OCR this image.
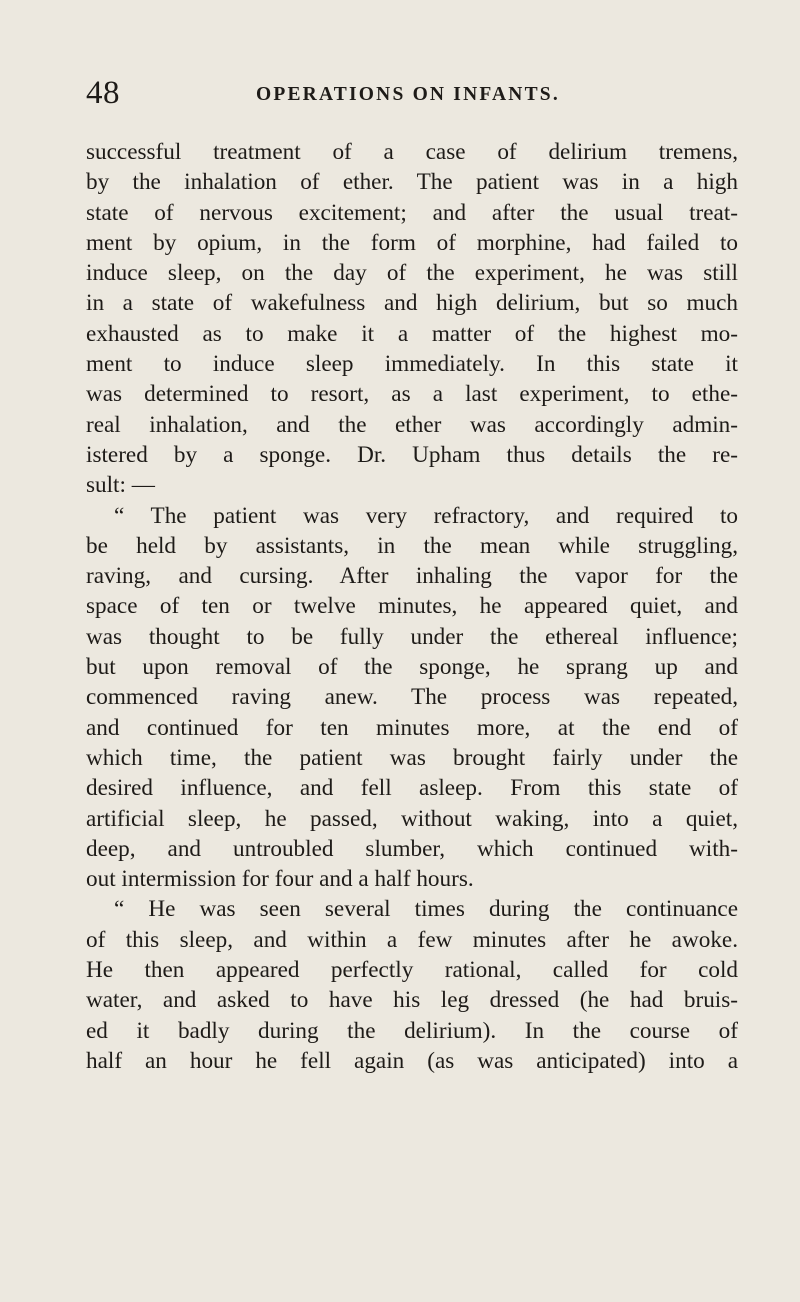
48	OPERATIONS ON INFANTS.
successful treatment of a case of delirium tremens,
by the inhalation of ether. The patient was in a high
state of nervous excitement; and after the usual treat-
ment by opium, in the form of morphine, had failed to
induce sleep, on the day of the experiment, he was still
in a state of wakefulness and high delirium, but so much
exhausted as to make it a matter of the highest mo-
ment to induce sleep immediately. In this state it
was determined to resort, as a last experiment, to ethe-
real inhalation, and the ether was accordingly admin-
istered by a sponge. Dr. Upham thus details the re-
sult: —
“ The patient was very refractory, and required to
be held by assistants, in the mean while struggling,
raving, and cursing. After inhaling the vapor for the
space of ten or twelve minutes, he appeared quiet, and
was thought to be fully under the ethereal influence;
but upon removal of the sponge, he sprang up and
commenced raving anew. The process was repeated,
and continued for ten minutes more, at the end of
which time, the patient was brought fairly under the
desired influence, and fell asleep. From this state of
artificial sleep, he passed, without waking, into a quiet,
deep, and untroubled slumber, which continued with-
out intermission for four and a half hours.
“ He was seen several times during the continuance
of this sleep, and within a few minutes after he awoke.
He then appeared perfectly rational, called for cold
water, and asked to have his leg dressed (he had bruis-
ed it badly during the delirium). In the course of
half an hour he fell again (as was anticipated) into a
